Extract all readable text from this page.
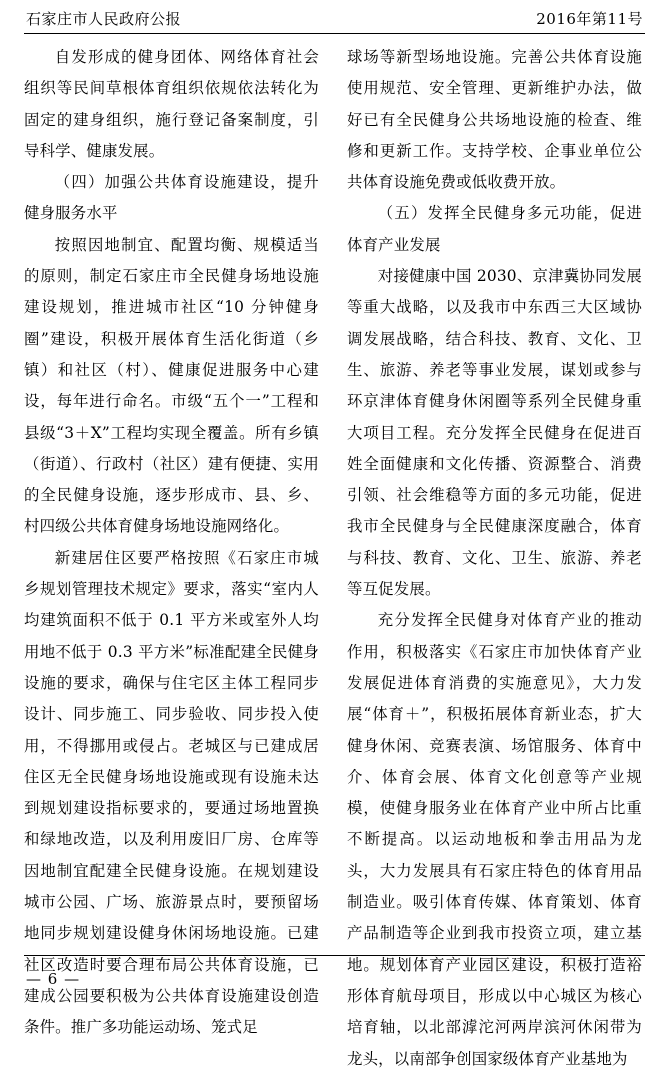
石家庄市人民政府公报	2016年第11号

自发形成的健身团体、网络体育社会组织等民间草根体育组织依规依法转化为固定的建身组织，施行登记备案制度，引导科学、健康发展。

（四）加强公共体育设施建设，提升健身服务水平

按照因地制宜、配置均衡、规模适当的原则，制定石家庄市全民健身场地设施建设规划，推进城市社区“10 分钟健身圈”建设，积极开展体育生活化街道（乡镇）和社区（村）、健康促进服务中心建设，每年进行命名。市级“五个一”工程和县级“3＋X”工程均实现全覆盖。所有乡镇（街道）、行政村（社区）建有便捷、实用的全民健身设施，逐步形成市、县、乡、村四级公共体育健身场地设施网络化。

新建居住区要严格按照《石家庄市城乡规划管理技术规定》要求，落实“室内人均建筑面积不低于 0.1 平方米或室外人均用地不低于 0.3 平方米”标准配建全民健身设施的要求，确保与住宅区主体工程同步设计、同步施工、同步验收、同步投入使用，不得挪用或侵占。老城区与已建成居住区无全民健身场地设施或现有设施未达到规划建设指标要求的，要通过场地置换和绿地改造，以及利用废旧厂房、仓库等因地制宜配建全民健身设施。在规划建设城市公园、广场、旅游景点时，要预留场地同步规划建设健身休闲场地设施。已建社区改造时要合理布局公共体育设施，已建成公园要积极为公共体育设施建设创造条件。推广多功能运动场、笼式足

球场等新型场地设施。完善公共体育设施使用规范、安全管理、更新维护办法，做好已有全民健身公共场地设施的检查、维修和更新工作。支持学校、企事业单位公共体育设施免费或低收费开放。

（五）发挥全民健身多元功能，促进体育产业发展

对接健康中国 2030、京津冀协同发展等重大战略，以及我市中东西三大区域协调发展战略，结合科技、教育、文化、卫生、旅游、养老等事业发展，谋划或参与环京津体育健身休闲圈等系列全民健身重大项目工程。充分发挥全民健身在促进百姓全面健康和文化传播、资源整合、消费引领、社会维稳等方面的多元功能，促进我市全民健身与全民健康深度融合，体育与科技、教育、文化、卫生、旅游、养老等互促发展。

充分发挥全民健身对体育产业的推动作用，积极落实《石家庄市加快体育产业发展促进体育消费的实施意见》，大力发展“体育＋”，积极拓展体育新业态，扩大健身休闲、竞赛表演、场馆服务、体育中介、体育会展、体育文化创意等产业规模，使健身服务业在体育产业中所占比重不断提高。以运动地板和拳击用品为龙头，大力发展具有石家庄特色的体育用品制造业。吸引体育传媒、体育策划、体育产品制造等企业到我市投资立项，建立基地。规划体育产业园区建设，积极打造裕形体育航母项目，形成以中心城区为核心培育轴，以北部滹沱河两岸滨河休闲带为龙头，以南部争创国家级体育产业基地为

— 6 —
